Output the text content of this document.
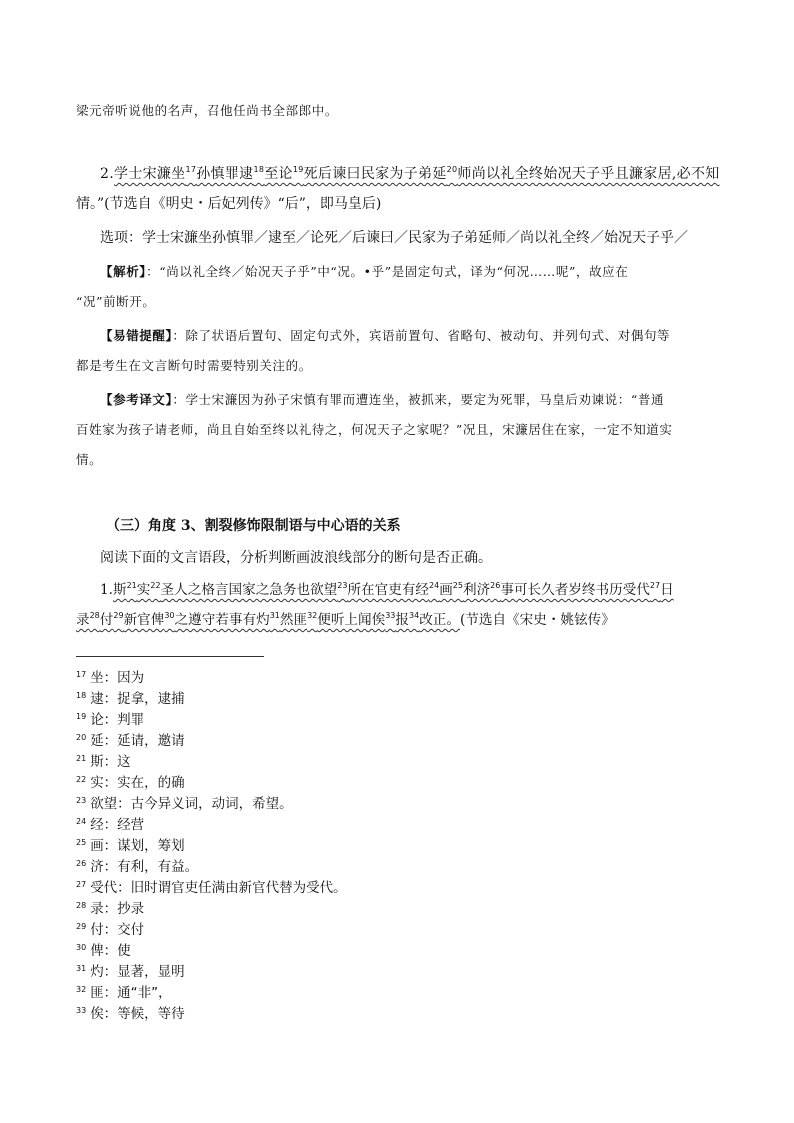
梁元帝听说他的名声，召他任尚书全部郎中。
2.学士宋濂坐$^{17}$孙慎罪逮$^{18}$至论$^{19}$死后谏曰民家为子弟延$^{20}$师尚以礼全终始况天子乎且濂家居,必不知
情。”(节选自《明史・后妃列传》“后”，即马皇后)
选项：学士宋濂坐孙慎罪／逮至／论死／后谏曰／民家为子弟延师／尚以礼全终／始况天子乎／
【解析】：“尚以礼全终／始况天子乎”中“况。•乎”是固定句式，译为“何况……呢”，故应在
“况”前断开。
【易错提醒】：除了状语后置句、固定句式外，宾语前置句、省略句、被动句、并列句式、对偶句等
都是考生在文言断句时需要特别关注的。
【参考译文】：学士宋濂因为孙子宋慎有罪而遭连坐，被抓来，要定为死罪，马皇后劝谏说：“普通
百姓家为孩子请老师，尚且自始至终以礼待之，何况天子之家呢？”况且，宋濂居住在家，一定不知道实
情。
（三）角度 3、割裂修饰限制语与中心语的关系
阅读下面的文言语段，分析判断画波浪线部分的断句是否正确。
1.斯$^{21}$实$^{22}$圣人之格言国家之急务也欲望$^{23}$所在官吏有经$^{24}$画$^{25}$利济$^{26}$事可长久者岁终书历受代$^{27}$日
录$^{28}$付$^{29}$新官俾$^{30}$之遵守若事有灼$^{31}$然匪$^{32}$便听上闻俟$^{33}$报$^{34}$改正。(节选自《宋史・姚铉传》
$^{17}$ 坐：因为
$^{18}$ 逮：捉拿，逮捕
$^{19}$ 论：判罪
$^{20}$ 延：延请，邀请
$^{21}$ 斯：这
$^{22}$ 实：实在，的确
$^{23}$ 欲望：古今异义词，动词，希望。
$^{24}$ 经：经营
$^{25}$ 画：谋划，筹划
$^{26}$ 济：有利，有益。
$^{27}$ 受代：旧时谓官吏任满由新官代替为受代。
$^{28}$ 录：抄录
$^{29}$ 付：交付
$^{30}$ 俾：使
$^{31}$ 灼：显著，显明
$^{32}$ 匪：通“非”，
$^{33}$ 俟：等候，等待
